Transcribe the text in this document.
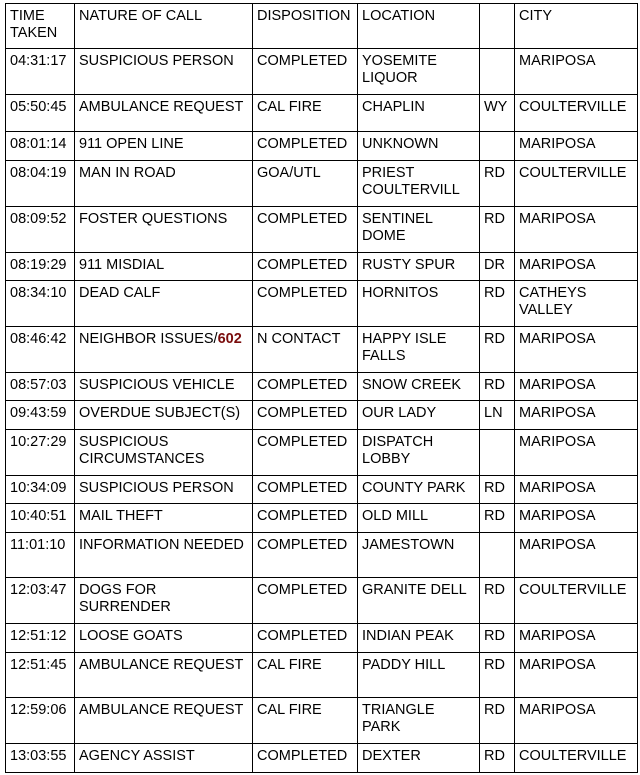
TIME TAKEN	NATURE OF CALL	DISPOSITION	LOCATION		CITY
04:31:17	SUSPICIOUS PERSON	COMPLETED	YOSEMITE LIQUOR		MARIPOSA
05:50:45	AMBULANCE REQUEST	CAL FIRE	CHAPLIN	WY	COULTERVILLE
08:01:14	911 OPEN LINE	COMPLETED	UNKNOWN		MARIPOSA
08:04:19	MAN IN ROAD	GOA/UTL	PRIEST COULTERVILL	RD	COULTERVILLE
08:09:52	FOSTER QUESTIONS	COMPLETED	SENTINEL DOME	RD	MARIPOSA
08:19:29	911 MISDIAL	COMPLETED	RUSTY SPUR	DR	MARIPOSA
08:34:10	DEAD CALF	COMPLETED	HORNITOS	RD	CATHEYS VALLEY
08:46:42	NEIGHBOR ISSUES/602	N CONTACT	HAPPY ISLE FALLS	RD	MARIPOSA
08:57:03	SUSPICIOUS VEHICLE	COMPLETED	SNOW CREEK	RD	MARIPOSA
09:43:59	OVERDUE SUBJECT(S)	COMPLETED	OUR LADY	LN	MARIPOSA
10:27:29	SUSPICIOUS CIRCUMSTANCES	COMPLETED	DISPATCH LOBBY		MARIPOSA
10:34:09	SUSPICIOUS PERSON	COMPLETED	COUNTY PARK	RD	MARIPOSA
10:40:51	MAIL THEFT	COMPLETED	OLD MILL	RD	MARIPOSA
11:01:10	INFORMATION NEEDED	COMPLETED	JAMESTOWN		MARIPOSA
12:03:47	DOGS FOR SURRENDER	COMPLETED	GRANITE DELL	RD	COULTERVILLE
12:51:12	LOOSE GOATS	COMPLETED	INDIAN PEAK	RD	MARIPOSA
12:51:45	AMBULANCE REQUEST	CAL FIRE	PADDY HILL	RD	MARIPOSA
12:59:06	AMBULANCE REQUEST	CAL FIRE	TRIANGLE PARK	RD	MARIPOSA
13:03:55	AGENCY ASSIST	COMPLETED	DEXTER	RD	COULTERVILLE
